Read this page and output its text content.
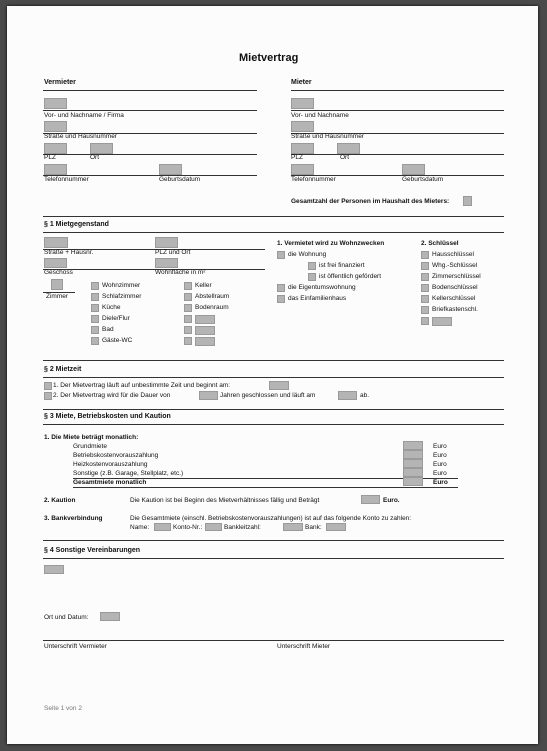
Mietvertrag
Vermieter	Mieter
Vor- und Nachname / Firma	Vor- und Nachname
Straße und Hausnummer	Straße und Hausnummer
PLZ	Ort	PLZ	Ort
Telefonnummer	Geburtsdatum	Telefonnummer	Geburtsdatum
Gesamtzahl der Personen im Haushalt des Mieters:
§ 1 Mietgegenstand
Straße + Hausnr.	PLZ und Ort
Geschoss	Wohnfläche in m²
Zimmer
Wohnzimmer
Schlafzimmer
Küche
Diele/Flur
Bad
Gäste-WC
Keller
Abstellraum
Bodenraum
1. Vermietet wird zu Wohnzwecken
die Wohnung
ist frei finanziert
ist öffentlich gefördert
die Eigentumswohnung
das Einfamilienhaus
2. Schlüssel
Hausschlüssel
Whg.-Schlüssel
Zimmerschlüssel
Bodenschlüssel
Kellerschlüssel
Briefkastenschl.
§ 2 Mietzeit
1. Der Mietvertrag läuft auf unbestimmte Zeit und beginnt am:
2. Der Mietvertrag wird für die Dauer von	Jahren geschlossen und läuft am	ab.
§ 3 Miete, Betriebskosten und Kaution
1. Die Miete beträgt monatlich:
Grundmiete	Euro
Betriebskostenvorauszahlung	Euro
Heizkostenvorauszahlung	Euro
Sonstige (z.B. Garage, Stellplatz, etc.)	Euro
Gesamtmiete monatlich	Euro
2. Kaution	Die Kaution ist bei Beginn des Mietverhältnisses fällig und Beträgt	Euro.
3. Bankverbindung	Die Gesamtmiete (einschl. Betriebskostenvorauszahlungen) ist auf das folgende Konto zu zahlen:
Name:	Konto-Nr.:	Bankleitzahl:	Bank:
§ 4 Sonstige Vereinbarungen
Ort und Datum:
Unterschrift Vermieter	Unterschrift Mieter
Seite 1 von 2
